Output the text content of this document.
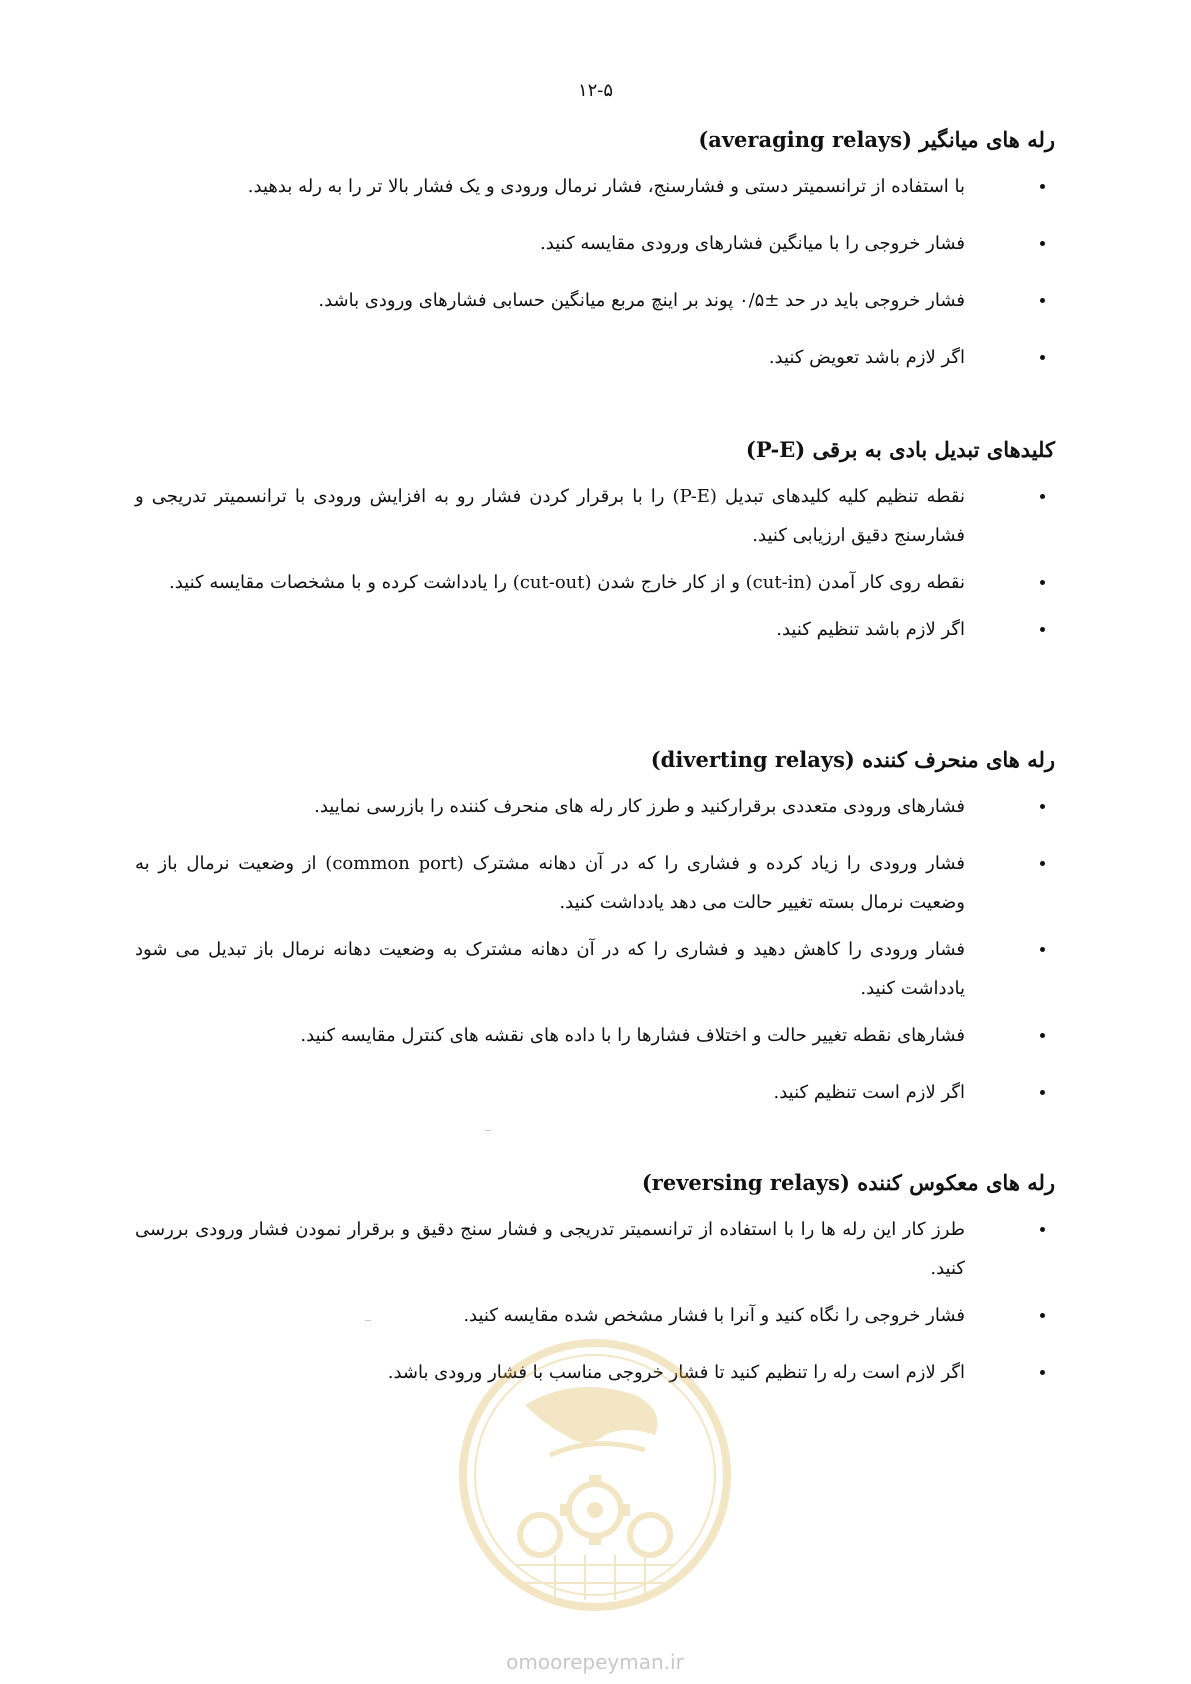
۱۲-۵
رله های میانگیر (averaging relays)
با استفاده از ترانسمیتر دستی و فشارسنج، فشار نرمال ورودی و یک فشار بالا تر را به رله بدهید.
فشار خروجی را با میانگین فشارهای ورودی مقایسه کنید.
فشار خروجی باید در حد ±۰/۵ پوند بر اینچ مربع میانگین حسابی فشارهای ورودی باشد.
اگر لازم باشد تعویض کنید.
کلیدهای تبدیل بادی به برقی (P-E)
نقطه تنظیم کلیه کلیدهای تبدیل (P-E) را با برقرار کردن فشار رو به افزایش ورودی با ترانسمیتر تدریجی و فشارسنج دقیق ارزیابی کنید.
نقطه روی کار آمدن (cut-in) و از کار خارج شدن (cut-out) را یادداشت کرده و با مشخصات مقایسه کنید.
اگر لازم باشد تنظیم کنید.
رله های منحرف کننده (diverting relays)
فشارهای ورودی متعددی برقرارکنید و طرز کار رله های منحرف کننده را بازرسی نمایید.
فشار ورودی را زیاد کرده و فشاری را که در آن دهانه مشترک (common port) از وضعیت نرمال باز به وضعیت نرمال بسته تغییر حالت می دهد یادداشت کنید.
فشار ورودی را کاهش دهید و فشاری را که در آن دهانه مشترک به وضعیت دهانه نرمال باز تبدیل می شود یادداشت کنید.
فشارهای نقطه تغییر حالت و اختلاف فشارها را با داده های نقشه های کنترل مقایسه کنید.
اگر لازم است تنظیم کنید.
رله های معکوس کننده (reversing relays)
طرز کار این رله ها را با استفاده از ترانسمیتر تدریجی و فشار سنج دقیق و برقرار نمودن فشار ورودی بررسی کنید.
فشار خروجی را نگاه کنید و آنرا با فشار مشخص شده مقایسه کنید.
اگر لازم است رله را تنظیم کنید تا فشار خروجی مناسب با فشار ورودی باشد.
omoorepeyman.ir
